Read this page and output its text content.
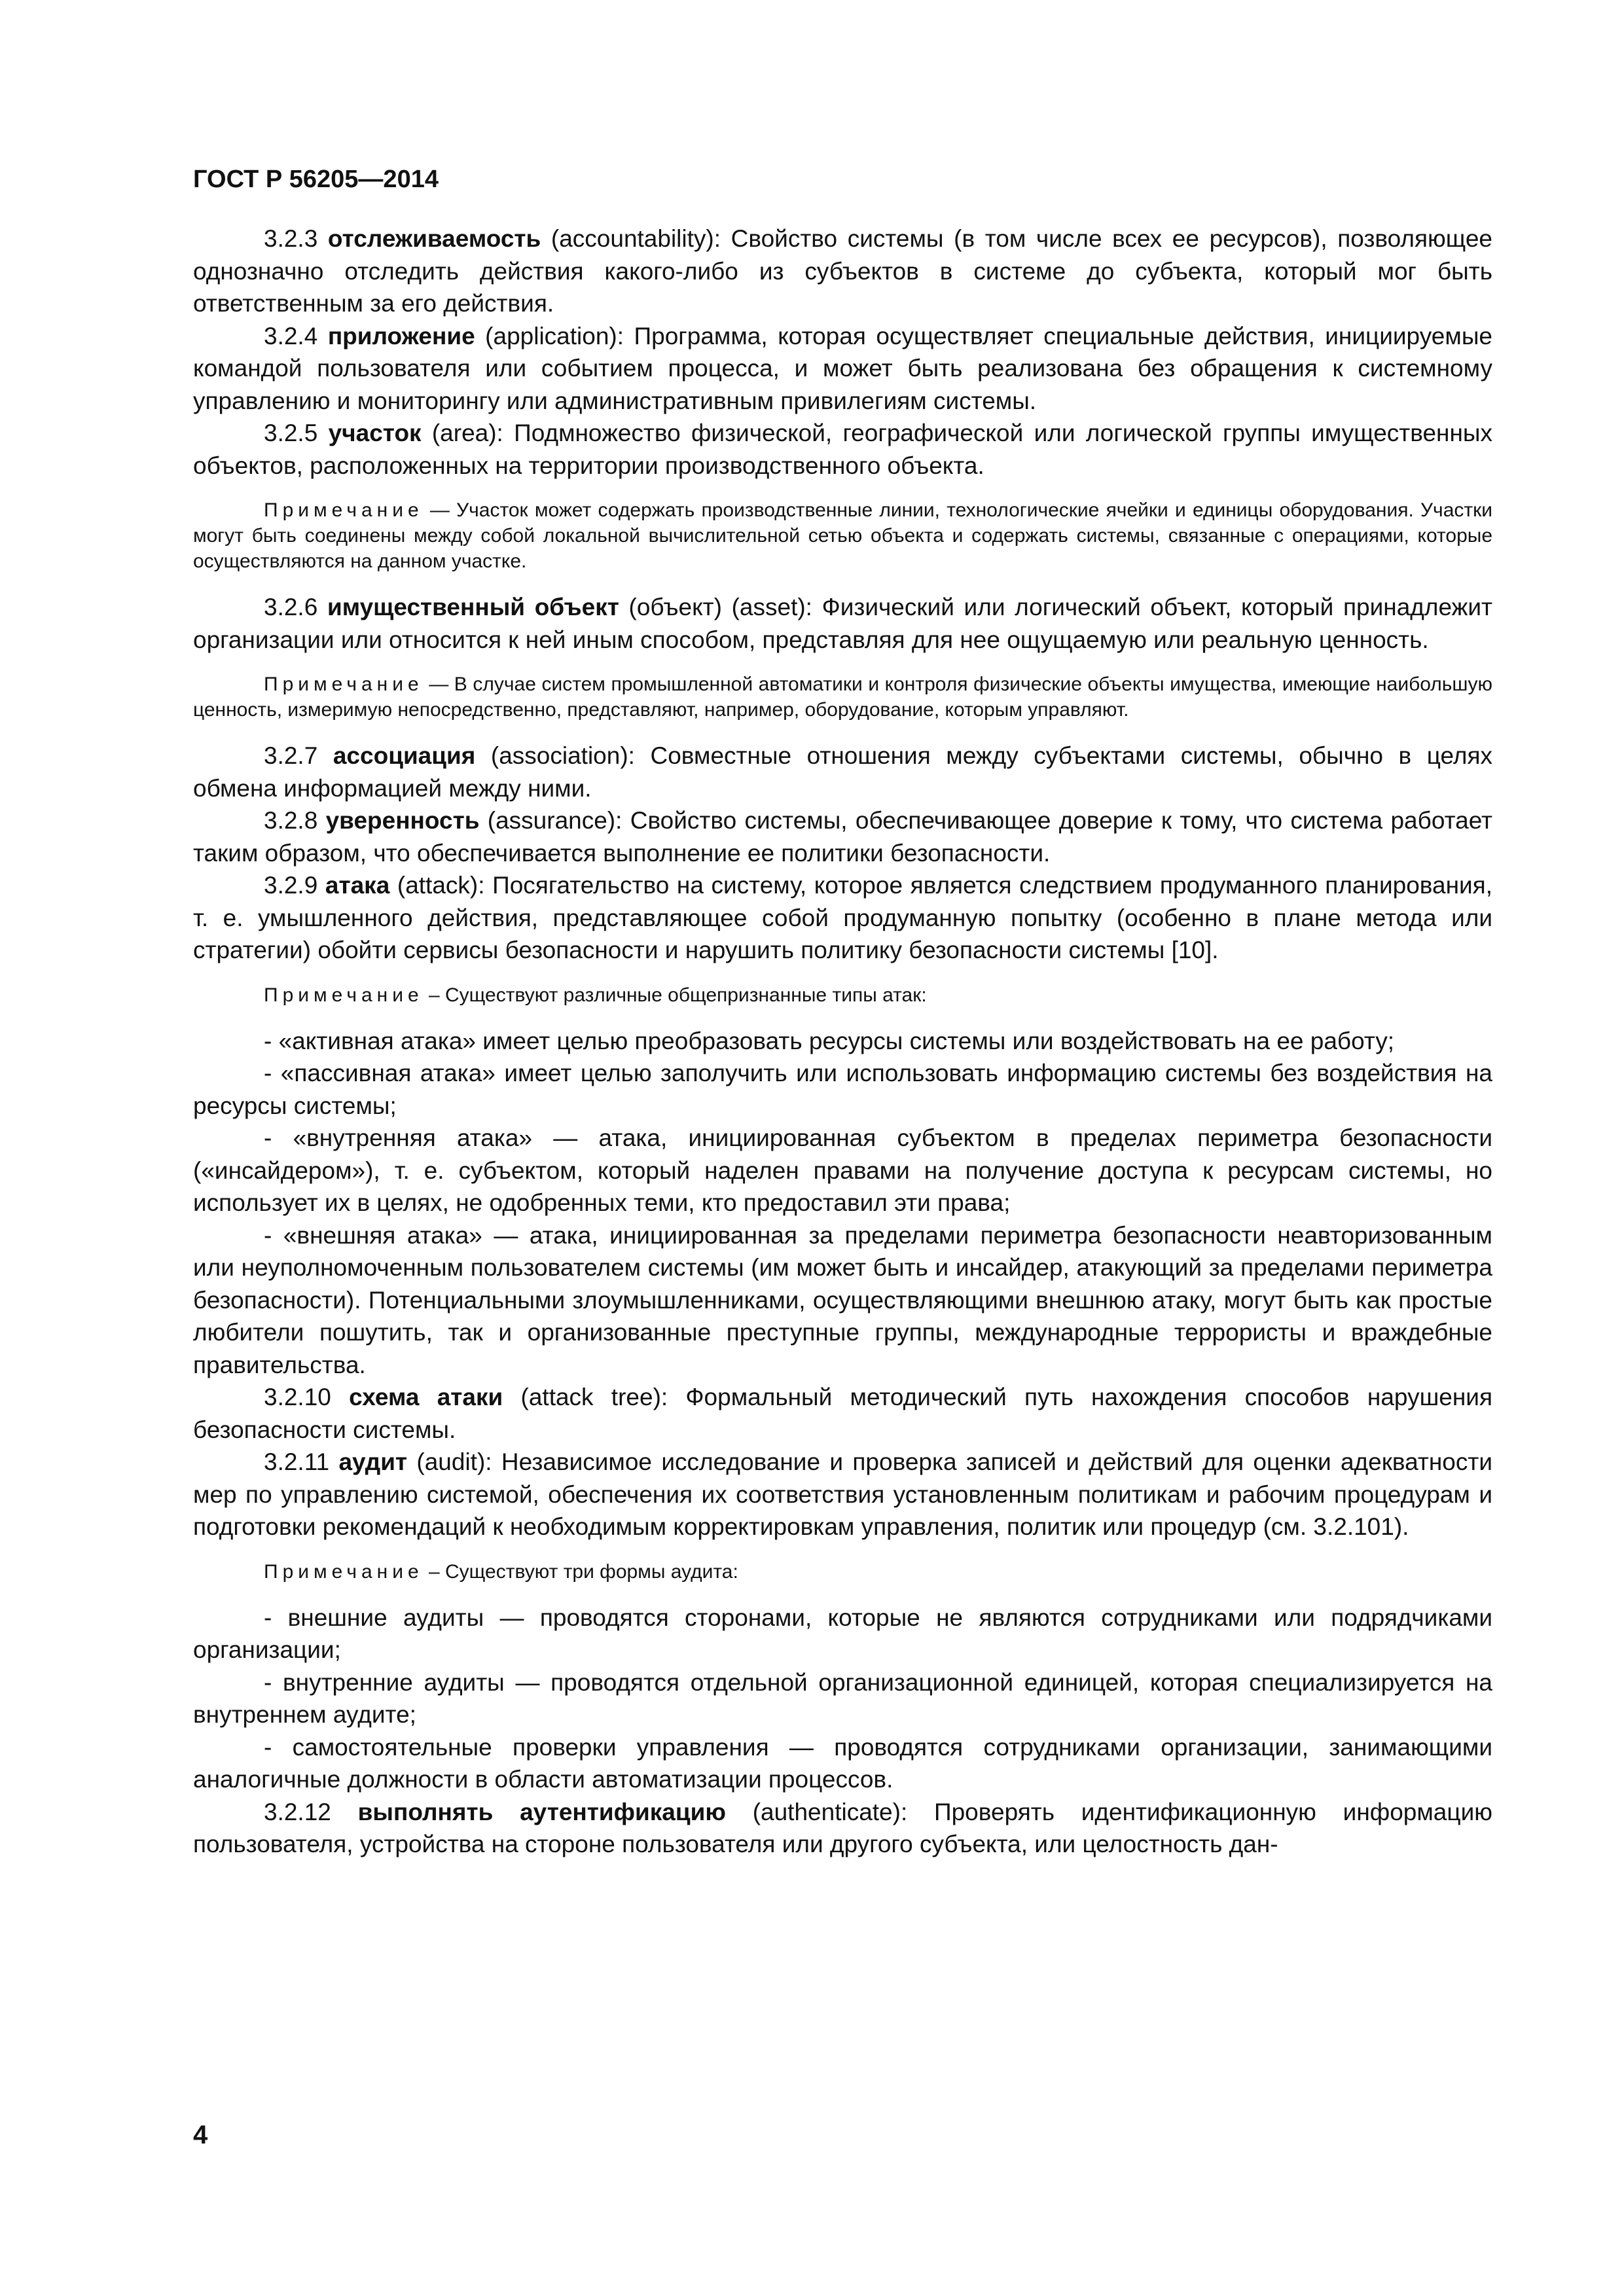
ГОСТ Р 56205—2014

3.2.3 отслеживаемость (accountability): Свойство системы (в том числе всех ее ресурсов), позволяющее однозначно отследить действия какого-либо из субъектов в системе до субъекта, который мог быть ответственным за его действия.

3.2.4 приложение (application): Программа, которая осуществляет специальные действия, инициируемые командой пользователя или событием процесса, и может быть реализована без обращения к системному управлению и мониторингу или административным привилегиям системы.

3.2.5 участок (area): Подмножество физической, географической или логической группы имущественных объектов, расположенных на территории производственного объекта.

Примечание — Участок может содержать производственные линии, технологические ячейки и единицы оборудования. Участки могут быть соединены между собой локальной вычислительной сетью объекта и содержать системы, связанные с операциями, которые осуществляются на данном участке.

3.2.6 имущественный объект (объект) (asset): Физический или логический объект, который принадлежит организации или относится к ней иным способом, представляя для нее ощущаемую или реальную ценность.

Примечание — В случае систем промышленной автоматики и контроля физические объекты имущества, имеющие наибольшую ценность, измеримую непосредственно, представляют, например, оборудование, которым управляют.

3.2.7 ассоциация (association): Совместные отношения между субъектами системы, обычно в целях обмена информацией между ними.

3.2.8 уверенность (assurance): Свойство системы, обеспечивающее доверие к тому, что система работает таким образом, что обеспечивается выполнение ее политики безопасности.

3.2.9 атака (attack): Посягательство на систему, которое является следствием продуманного планирования, т. е. умышленного действия, представляющее собой продуманную попытку (особенно в плане метода или стратегии) обойти сервисы безопасности и нарушить политику безопасности системы [10].

Примечание – Существуют различные общепризнанные типы атак:

- «активная атака» имеет целью преобразовать ресурсы системы или воздействовать на ее работу;

- «пассивная атака» имеет целью заполучить или использовать информацию системы без воздействия на ресурсы системы;

- «внутренняя атака» — атака, инициированная субъектом в пределах периметра безопасности («инсайдером»), т. е. субъектом, который наделен правами на получение доступа к ресурсам системы, но использует их в целях, не одобренных теми, кто предоставил эти права;

- «внешняя атака» — атака, инициированная за пределами периметра безопасности неавторизованным или неуполномоченным пользователем системы (им может быть и инсайдер, атакующий за пределами периметра безопасности). Потенциальными злоумышленниками, осуществляющими внешнюю атаку, могут быть как простые любители пошутить, так и организованные преступные группы, международные террористы и враждебные правительства.

3.2.10 схема атаки (attack tree): Формальный методический путь нахождения способов нарушения безопасности системы.

3.2.11 аудит (audit): Независимое исследование и проверка записей и действий для оценки адекватности мер по управлению системой, обеспечения их соответствия установленным политикам и рабочим процедурам и подготовки рекомендаций к необходимым корректировкам управления, политик или процедур (см. 3.2.101).

Примечание – Существуют три формы аудита:

- внешние аудиты — проводятся сторонами, которые не являются сотрудниками или подрядчиками организации;

- внутренние аудиты — проводятся отдельной организационной единицей, которая специализируется на внутреннем аудите;

- самостоятельные проверки управления — проводятся сотрудниками организации, занимающими аналогичные должности в области автоматизации процессов.

3.2.12 выполнять аутентификацию (authenticate): Проверять идентификационную информацию пользователя, устройства на стороне пользователя или другого субъекта, или целостность дан-

4
